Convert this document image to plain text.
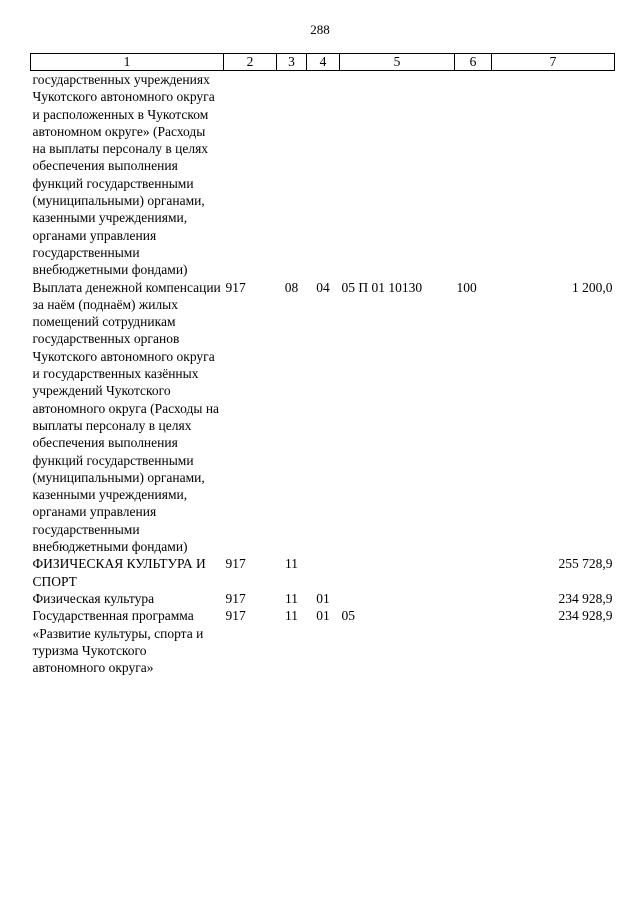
288
1	2	3	4	5	6	7
государственных учреждениях Чукотского автономного округа и расположенных в Чукотском автономном округе» (Расходы на выплаты персоналу в целях обеспечения выполнения функций государственными (муниципальными) органами, казенными учреждениями, органами управления государственными внебюджетными фондами)						
Выплата денежной компенсации за наём (поднаём) жилых помещений сотрудникам государственных органов Чукотского автономного округа и государственных казённых учреждений Чукотского автономного округа (Расходы на выплаты персоналу в целях обеспечения выполнения функций государственными (муниципальными) органами, казенными учреждениями, органами управления государственными внебюджетными фондами)	917	08	04	05 П 01 10130	100	1 200,0
ФИЗИЧЕСКАЯ КУЛЬТУРА И СПОРТ	917	11				255 728,9
Физическая культура	917	11	01			234 928,9
Государственная программа «Развитие культуры, спорта и туризма Чукотского автономного округа»	917	11	01	05		234 928,9
